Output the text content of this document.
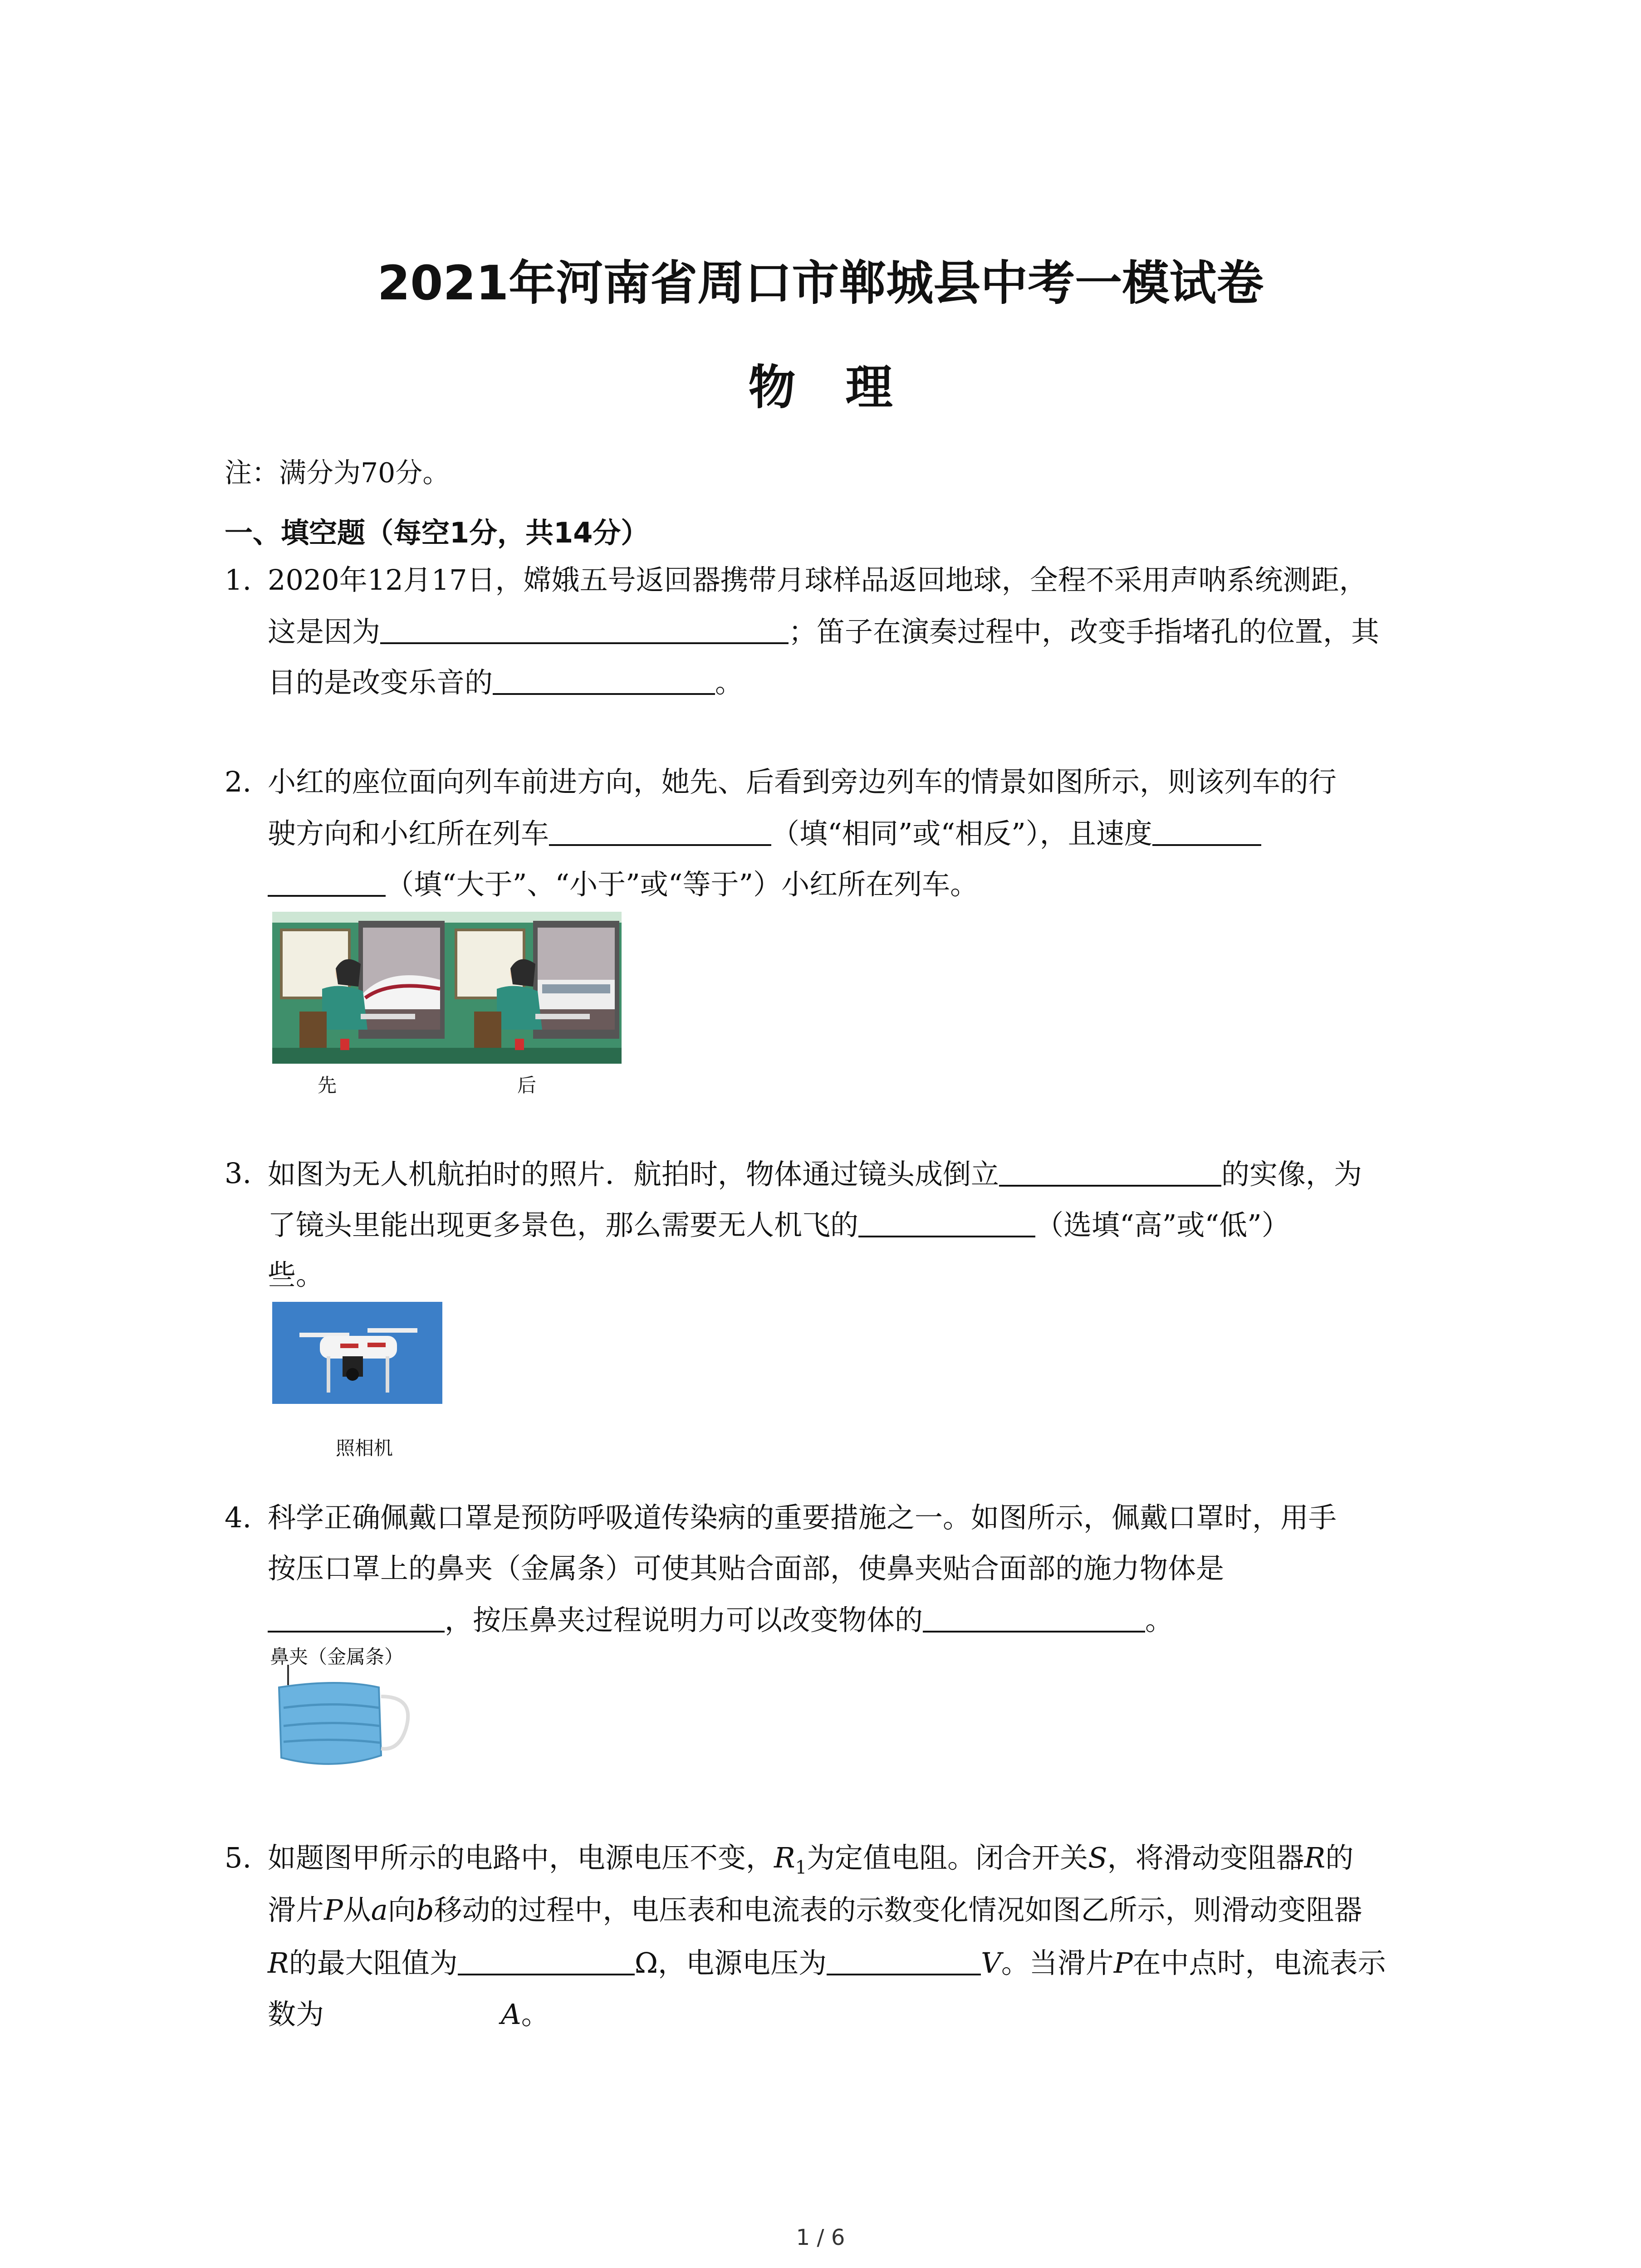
2021年河南省周口市郸城县中考一模试卷
物理
注：满分为70分。
一、填空题（每空1分，共14分）
1. 2020年12月17日，嫦娥五号返回器携带月球样品返回地球，全程不采用声呐系统测距，
这是因为	；笛子在演奏过程中，改变手指堵孔的位置，其
目的是改变乐音的	。
2. 小红的座位面向列车前进方向，她先、后看到旁边列车的情景如图所示，则该列车的行
驶方向和小红所在列车	（填“相同”或“相反”），且速度
（填“大于”、“小于”或“等于”）小红所在列车。
先	后
3. 如图为无人机航拍时的照片．航拍时，物体通过镜头成倒立	的实像，为
了镜头里能出现更多景色，那么需要无人机飞的	（选填“高”或“低”）
些。
照相机
4. 科学正确佩戴口罩是预防呼吸道传染病的重要措施之一。如图所示，佩戴口罩时，用手
按压口罩上的鼻夹（金属条）可使其贴合面部，使鼻夹贴合面部的施力物体是
，按压鼻夹过程说明力可以改变物体的	。
鼻夹（金属条）
5. 如题图甲所示的电路中，电源电压不变，$R_1$为定值电阻。闭合开关S，将滑动变阻器R的
滑片P从a向b移动的过程中，电压表和电流表的示数变化情况如图乙所示，则滑动变阻器
R的最大阻值为	Ω，电源电压为	V。当滑片P在中点时，电流表示
数为	A。
1 / 6
